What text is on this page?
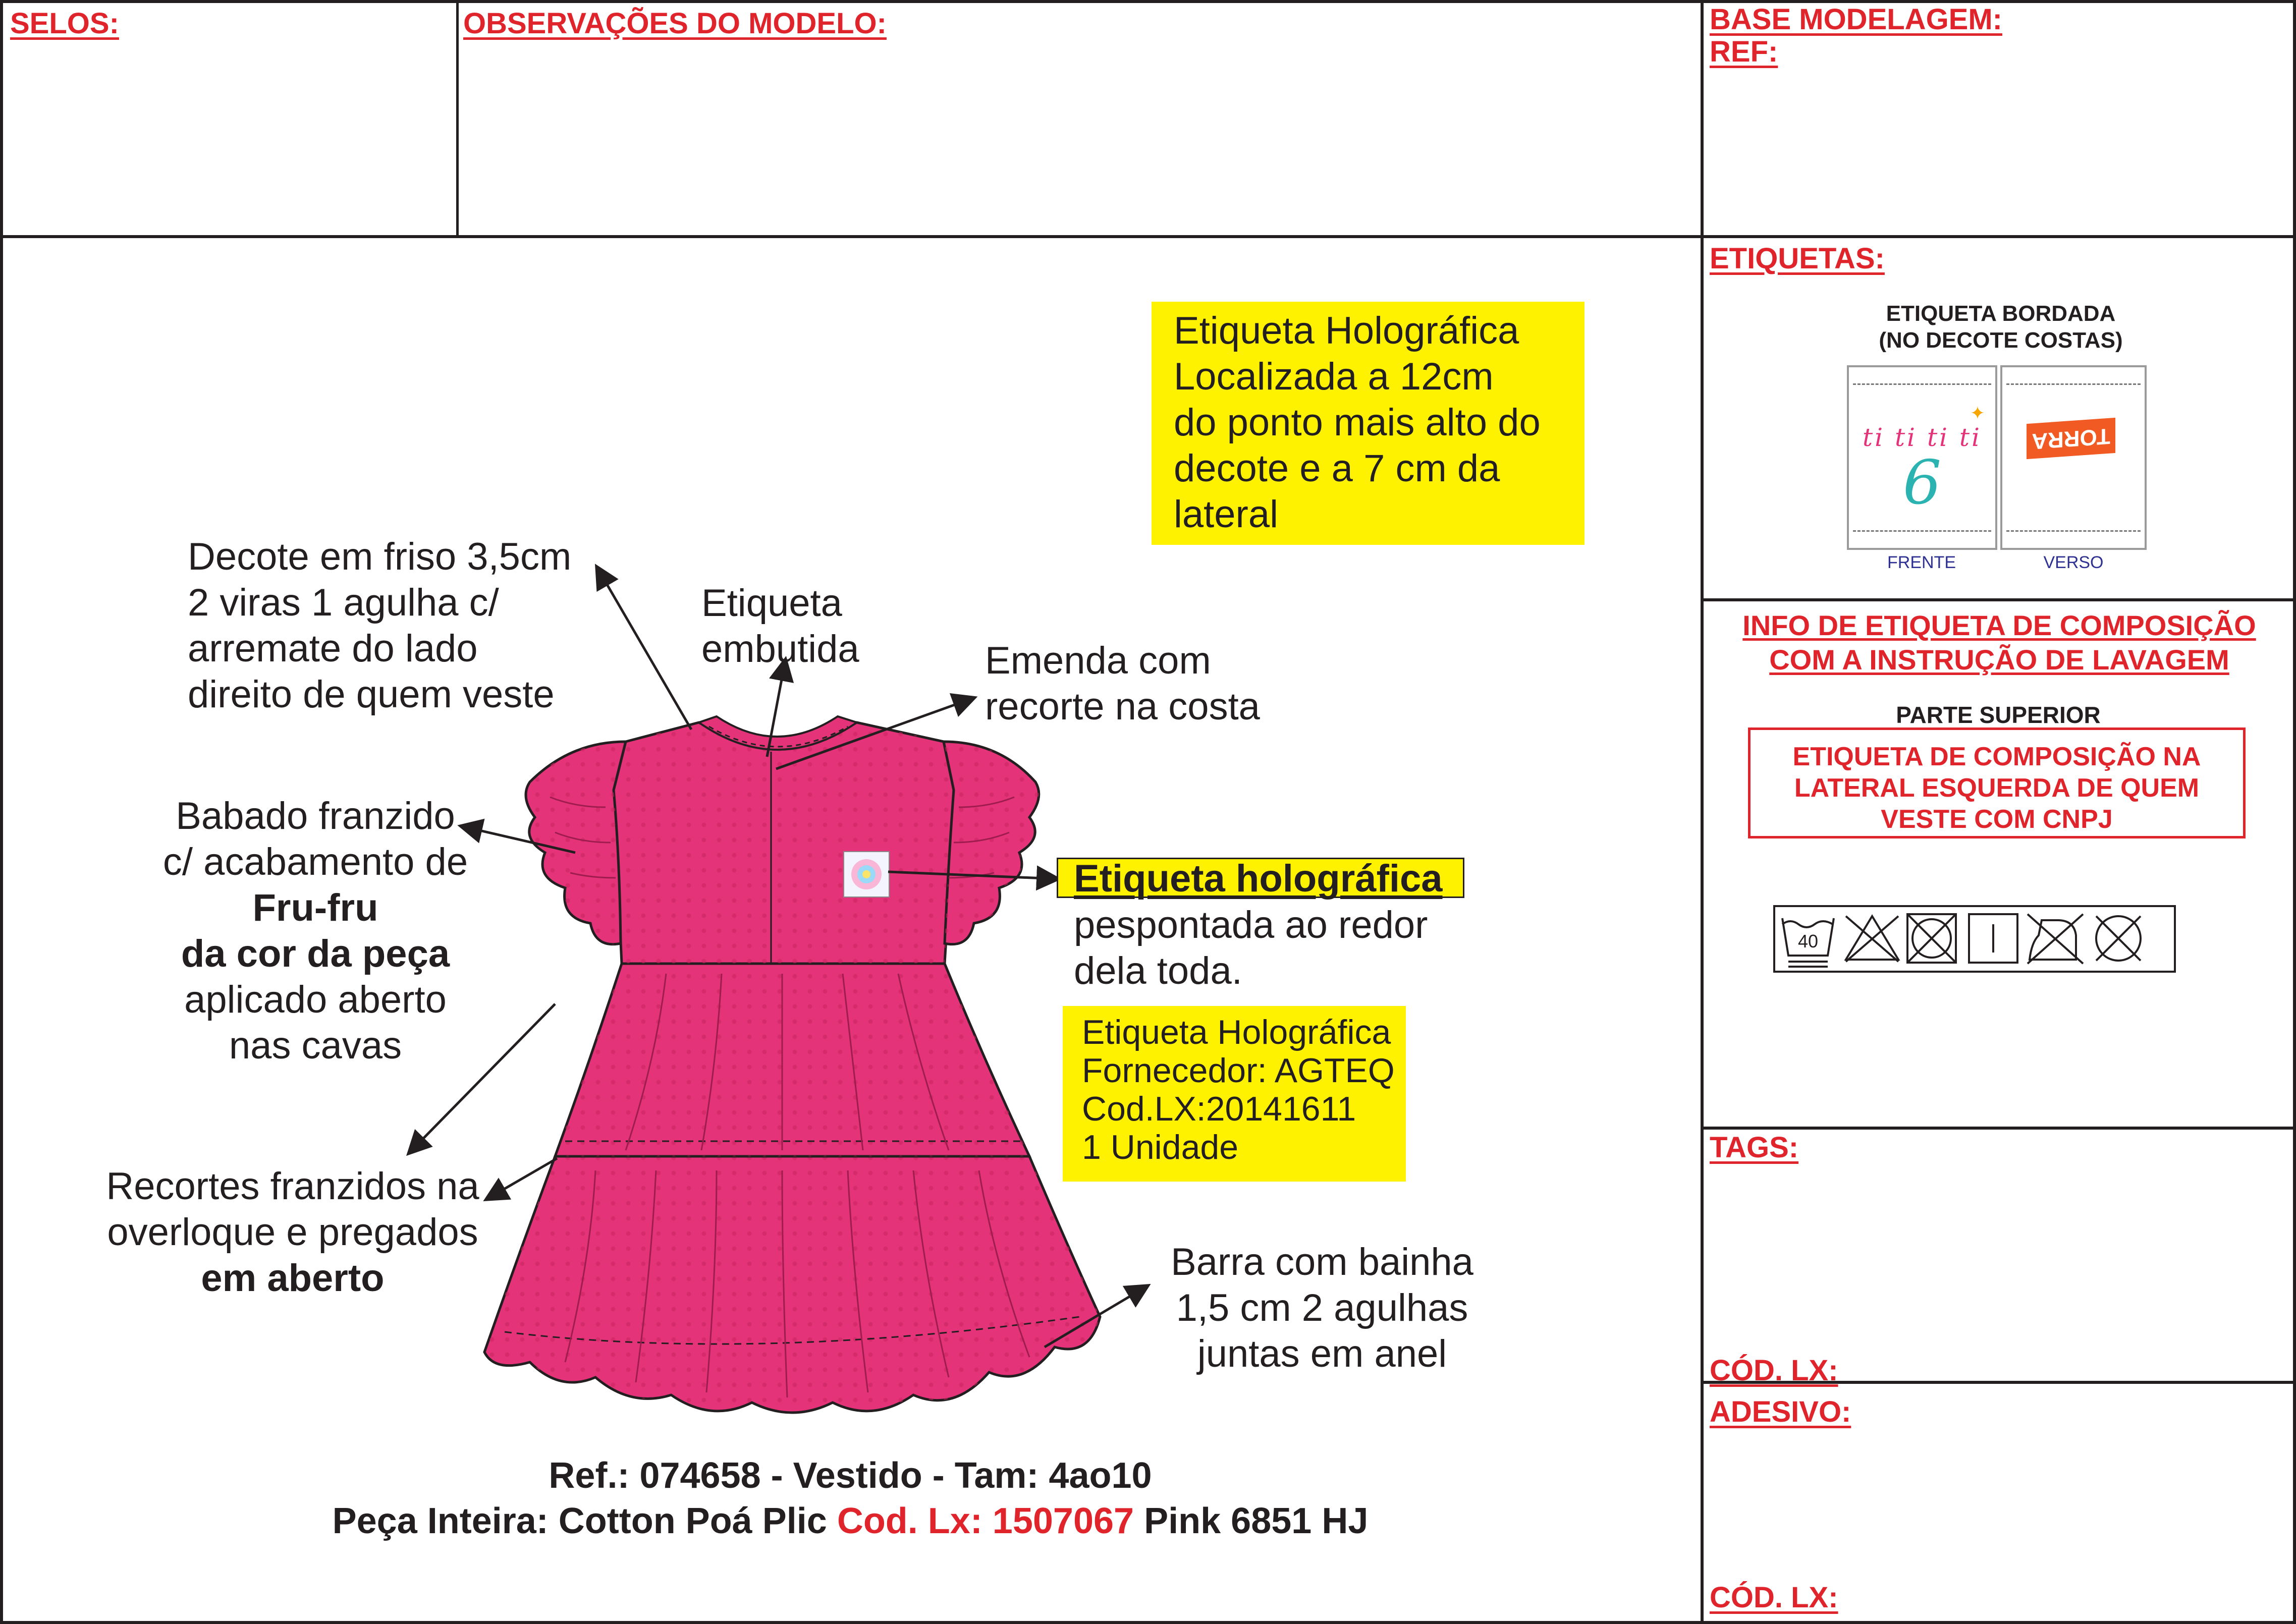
SELOS:	OBSERVAÇÕES DO MODELO:	BASE MODELAGEM:
REF:
ETIQUETAS:
ETIQUETA BORDADA
(NO DECOTE COSTAS)
ti ti ti ti
6
✦
FRENTE
TORRA
VERSO
INFO DE ETIQUETA DE COMPOSIÇÃO
COM A INSTRUÇÃO DE LAVAGEM
PARTE SUPERIOR
ETIQUETA DE COMPOSIÇÃO NA
LATERAL ESQUERDA DE QUEM
VESTE COM CNPJ
40
TAGS:
CÓD. LX:
ADESIVO:
CÓD. LX:
Etiqueta Holográfica
Localizada a 12cm
do ponto mais alto do
decote e a 7 cm da
lateral
Decote em friso 3,5cm
2 viras 1 agulha c/
arremate do lado
direito de quem veste
Etiqueta
embutida	Emenda com
recorte na costa
Babado franzido
c/ acabamento de
Fru-fru
da cor da peça
aplicado aberto
nas cavas
Etiqueta holográfica
pespontada ao redor
dela toda.
Etiqueta Holográfica
Fornecedor: AGTEQ
Cod.LX:20141611
1 Unidade
Recortes franzidos na
overloque e pregados
em aberto	Barra com bainha
1,5 cm 2 agulhas
juntas em anel
Ref.: 074658 - Vestido - Tam: 4ao10
Peça Inteira: Cotton Poá Plic Cod. Lx: 1507067 Pink 6851 HJ
